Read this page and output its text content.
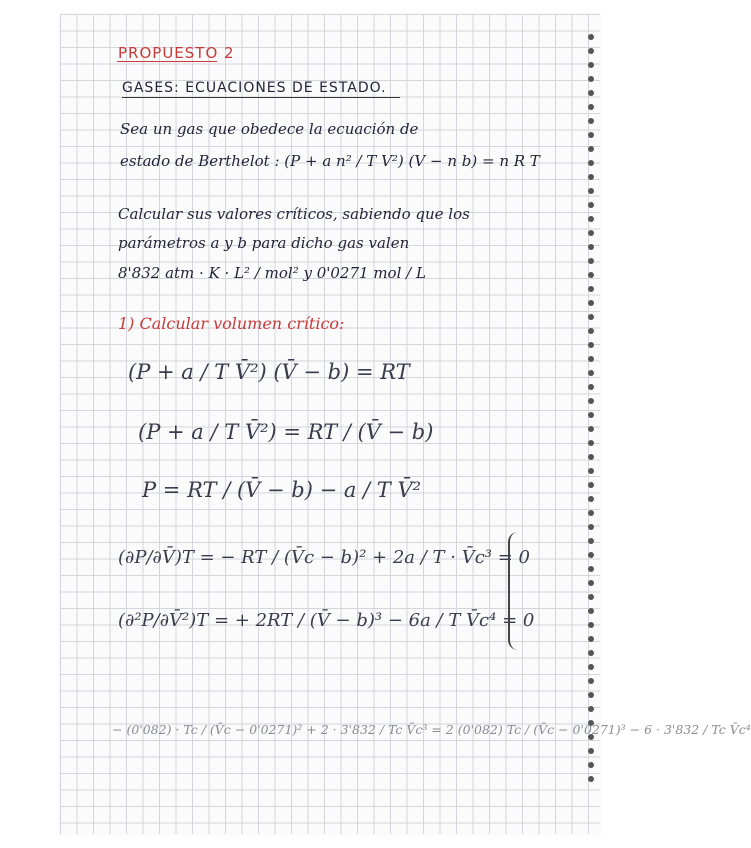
PROPUESTO 2
GASES: ECUACIONES DE ESTADO.
Sea un gas que obedece la ecuación de
estado de Berthelot : (P + a n² / T V²) (V − n b) = n R T
Calcular sus valores críticos, sabiendo que los
parámetros a y b para dicho gas valen
8'832 atm · K · L² / mol² y 0'0271 mol / L
1) Calcular volumen crítico:
(P + a / T V̄²) (V̄ − b) = RT
(P + a / T V̄²) = RT / (V̄ − b)
P = RT / (V̄ − b) − a / T V̄²
(∂P/∂V̄)T = − RT / (V̄c − b)² + 2a / T · V̄c³ = 0
(∂²P/∂V̄²)T = + 2RT / (V̄ − b)³ − 6a / T V̄c⁴ = 0
− (0'082) · Tc / (V̄c − 0'0271)² + 2 · 3'832 / Tc V̄c³ = 2 (0'082) Tc / (V̄c − 0'0271)³ − 6 · 3'832 / Tc V̄c⁴
